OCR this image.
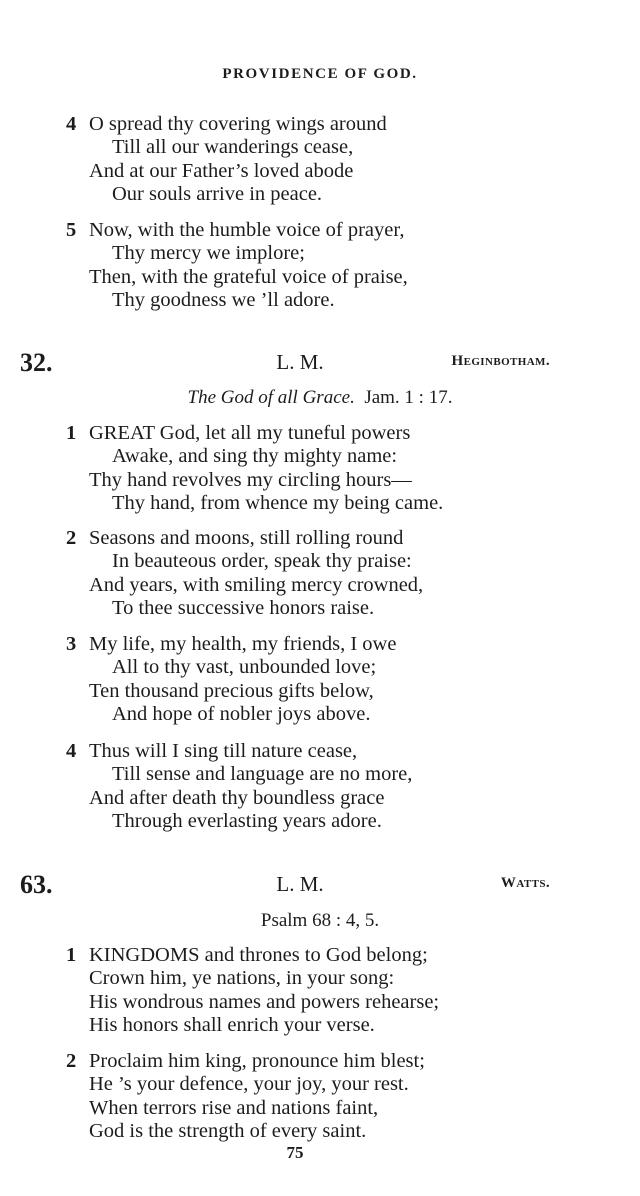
PROVIDENCE OF GOD.
4 O spread thy covering wings around
Till all our wanderings cease,
And at our Father’s loved abode
Our souls arrive in peace.
5 Now, with the humble voice of prayer,
Thy mercy we implore;
Then, with the grateful voice of praise,
Thy goodness we ’ll adore.
32.	L. M.	Heginbotham.
The God of all Grace. Jam. 1 : 17.
1 GREAT God, let all my tuneful powers
Awake, and sing thy mighty name:
Thy hand revolves my circling hours—
Thy hand, from whence my being came.
2 Seasons and moons, still rolling round
In beauteous order, speak thy praise:
And years, with smiling mercy crowned,
To thee successive honors raise.
3 My life, my health, my friends, I owe
All to thy vast, unbounded love;
Ten thousand precious gifts below,
And hope of nobler joys above.
4 Thus will I sing till nature cease,
Till sense and language are no more,
And after death thy boundless grace
Through everlasting years adore.
63.	L. M.	Watts.
Psalm 68 : 4, 5.
1 KINGDOMS and thrones to God belong;
Crown him, ye nations, in your song:
His wondrous names and powers rehearse;
His honors shall enrich your verse.
2 Proclaim him king, pronounce him blest;
He ’s your defence, your joy, your rest.
When terrors rise and nations faint,
God is the strength of every saint.
75
